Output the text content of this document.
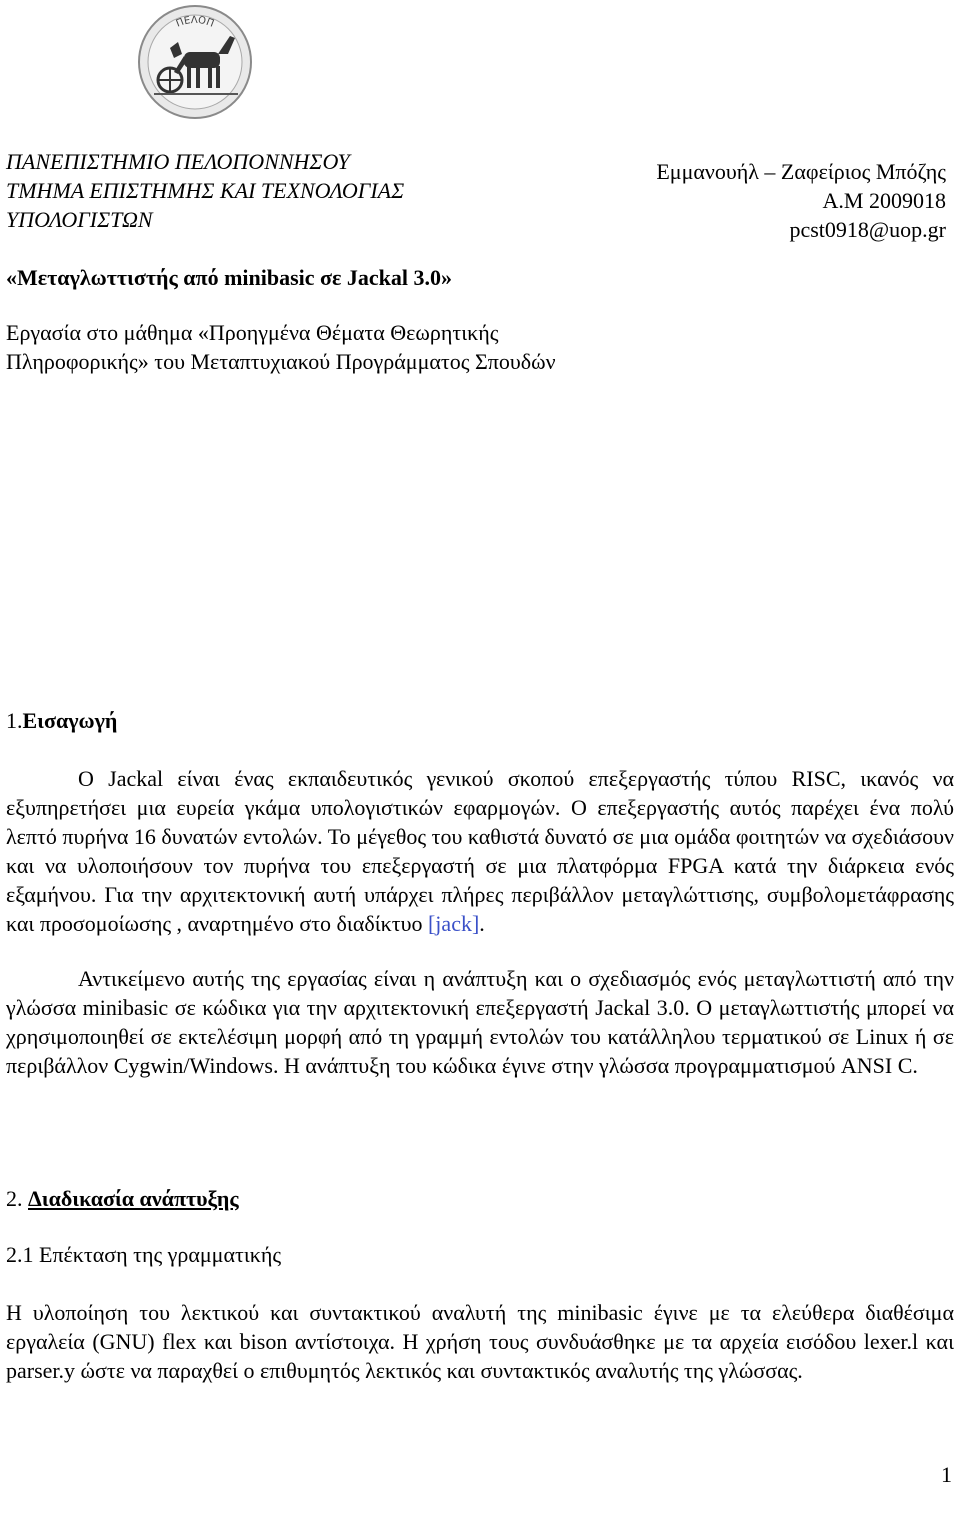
ΠΕΛΟΠ
ΠΑΝΕΠΙΣΤΗΜΙΟ ΠΕΛΟΠΟΝΝΗΣΟΥ
ΤΜΗΜΑ ΕΠΙΣΤΗΜΗΣ ΚΑΙ ΤΕΧΝΟΛΟΓΙΑΣ
ΥΠΟΛΟΓΙΣΤΩΝ
Εμμανουήλ – Ζαφείριος Μπόζης
Α.Μ 2009018
pcst0918@uop.gr
«Μεταγλωττιστής από minibasic σε Jackal 3.0»
Εργασία στο μάθημα «Προηγμένα Θέματα Θεωρητικής Πληροφορικής» του Μεταπτυχιακού Προγράμματος Σπουδών
1.Εισαγωγή
Ο Jackal είναι ένας εκπαιδευτικός γενικού σκοπού επεξεργαστής τύπου RISC, ικανός να εξυπηρετήσει μια ευρεία γκάμα υπολογιστικών εφαρμογών. Ο επεξεργαστής αυτός παρέχει ένα πολύ λεπτό πυρήνα 16 δυνατών εντολών. Το μέγεθος του καθιστά δυνατό σε μια ομάδα φοιτητών να σχεδιάσουν και να υλοποιήσουν τον πυρήνα του επεξεργαστή σε μια πλατφόρμα FPGA κατά την διάρκεια ενός εξαμήνου. Για την αρχιτεκτονική αυτή υπάρχει πλήρες περιβάλλον μεταγλώττισης, συμβολομετάφρασης και προσομοίωσης , αναρτημένο στο διαδίκτυο [jack].
Αντικείμενο αυτής της εργασίας είναι η ανάπτυξη και ο σχεδιασμός ενός μεταγλωττιστή από την γλώσσα minibasic σε κώδικα για την αρχιτεκτονική επεξεργαστή Jackal 3.0. Ο μεταγλωττιστής μπορεί να χρησιμοποιηθεί σε εκτελέσιμη μορφή από τη γραμμή εντολών του κατάλληλου τερματικού σε Linux ή σε περιβάλλον Cygwin/Windows. Η ανάπτυξη του κώδικα έγινε στην γλώσσα προγραμματισμού ANSI C.
2. Διαδικασία ανάπτυξης
2.1 Επέκταση της γραμματικής
Η υλοποίηση του λεκτικού και συντακτικού αναλυτή της minibasic έγινε με τα ελεύθερα διαθέσιμα εργαλεία (GNU) flex και bison αντίστοιχα. Η χρήση τους συνδυάσθηκε με τα αρχεία εισόδου lexer.l και parser.y ώστε να παραχθεί ο επιθυμητός λεκτικός και συντακτικός αναλυτής της γλώσσας.
1
